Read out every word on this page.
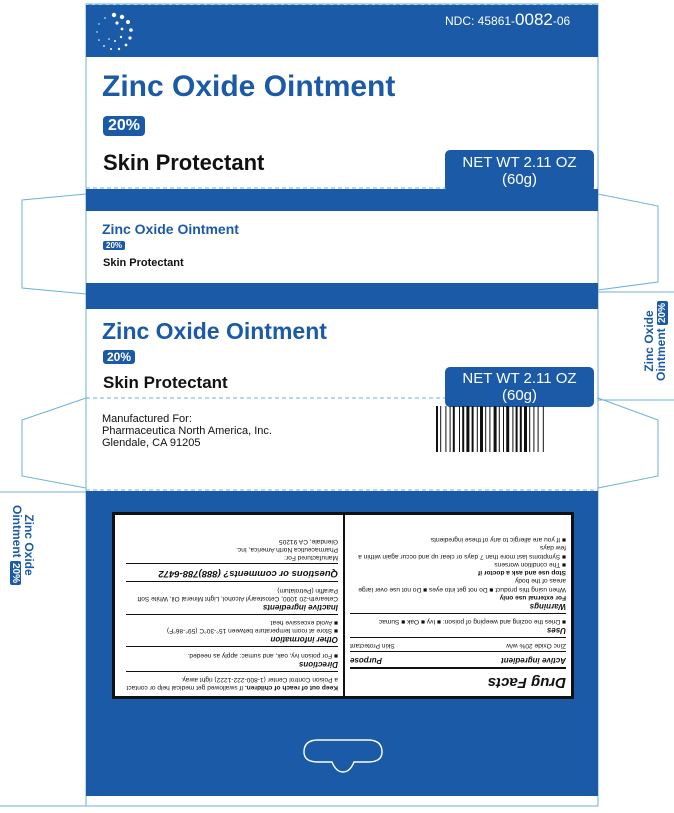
NDC: 45861-0082-06
Zinc Oxide Ointment
20%
Skin Protectant	NET WT 2.11 OZ (60g)
Zinc Oxide Ointment
20%
Skin Protectant
Zinc Oxide Ointment
20%
Skin Protectant	NET WT 2.11 OZ (60g)
Zinc Oxide
Ointment 20%
Manufactured For:
Pharmaceutica North America, Inc.
Glendale, CA 91205
Zinc Oxide
Ointment 20%
Drug Facts
Active ingredient
Purpose
Zinc Oxide 20% w/w
Skin Protectant
Uses
■ Dries the oozing and weeping of poison: ■ Ivy ■ Oak ■ Sumac
Warnings
For external use only
When using this product ■ Do not get into eyes ■ Do not use over large areas of the body
Stop use and ask a doctor if
■ The condition worsens
■ Symptoms last more than 7 days or clear up and occur again within a few days
■ If you are allergic to any of these ingredients
Keep out of reach of children. If swallowed get medical help or contact a Poison Control Center (1-800-222-1222) right away.
Directions
■ For poison ivy, oak, and sumac: apply as needed.
Other information
■ Store at room temperature between 15°-30°C (59°-86°F)
■ Avoid excessive heat
Inactive ingredients
Ceteareth-20 1000, Cetostearyl Alcohol, Light Mineral Oil, White Soft Paraffin (Petrolatum)
Questions or comments? (888)788-6472
Manufactured For:
Pharmaceutica North America, Inc.
Glendale, CA 91205
